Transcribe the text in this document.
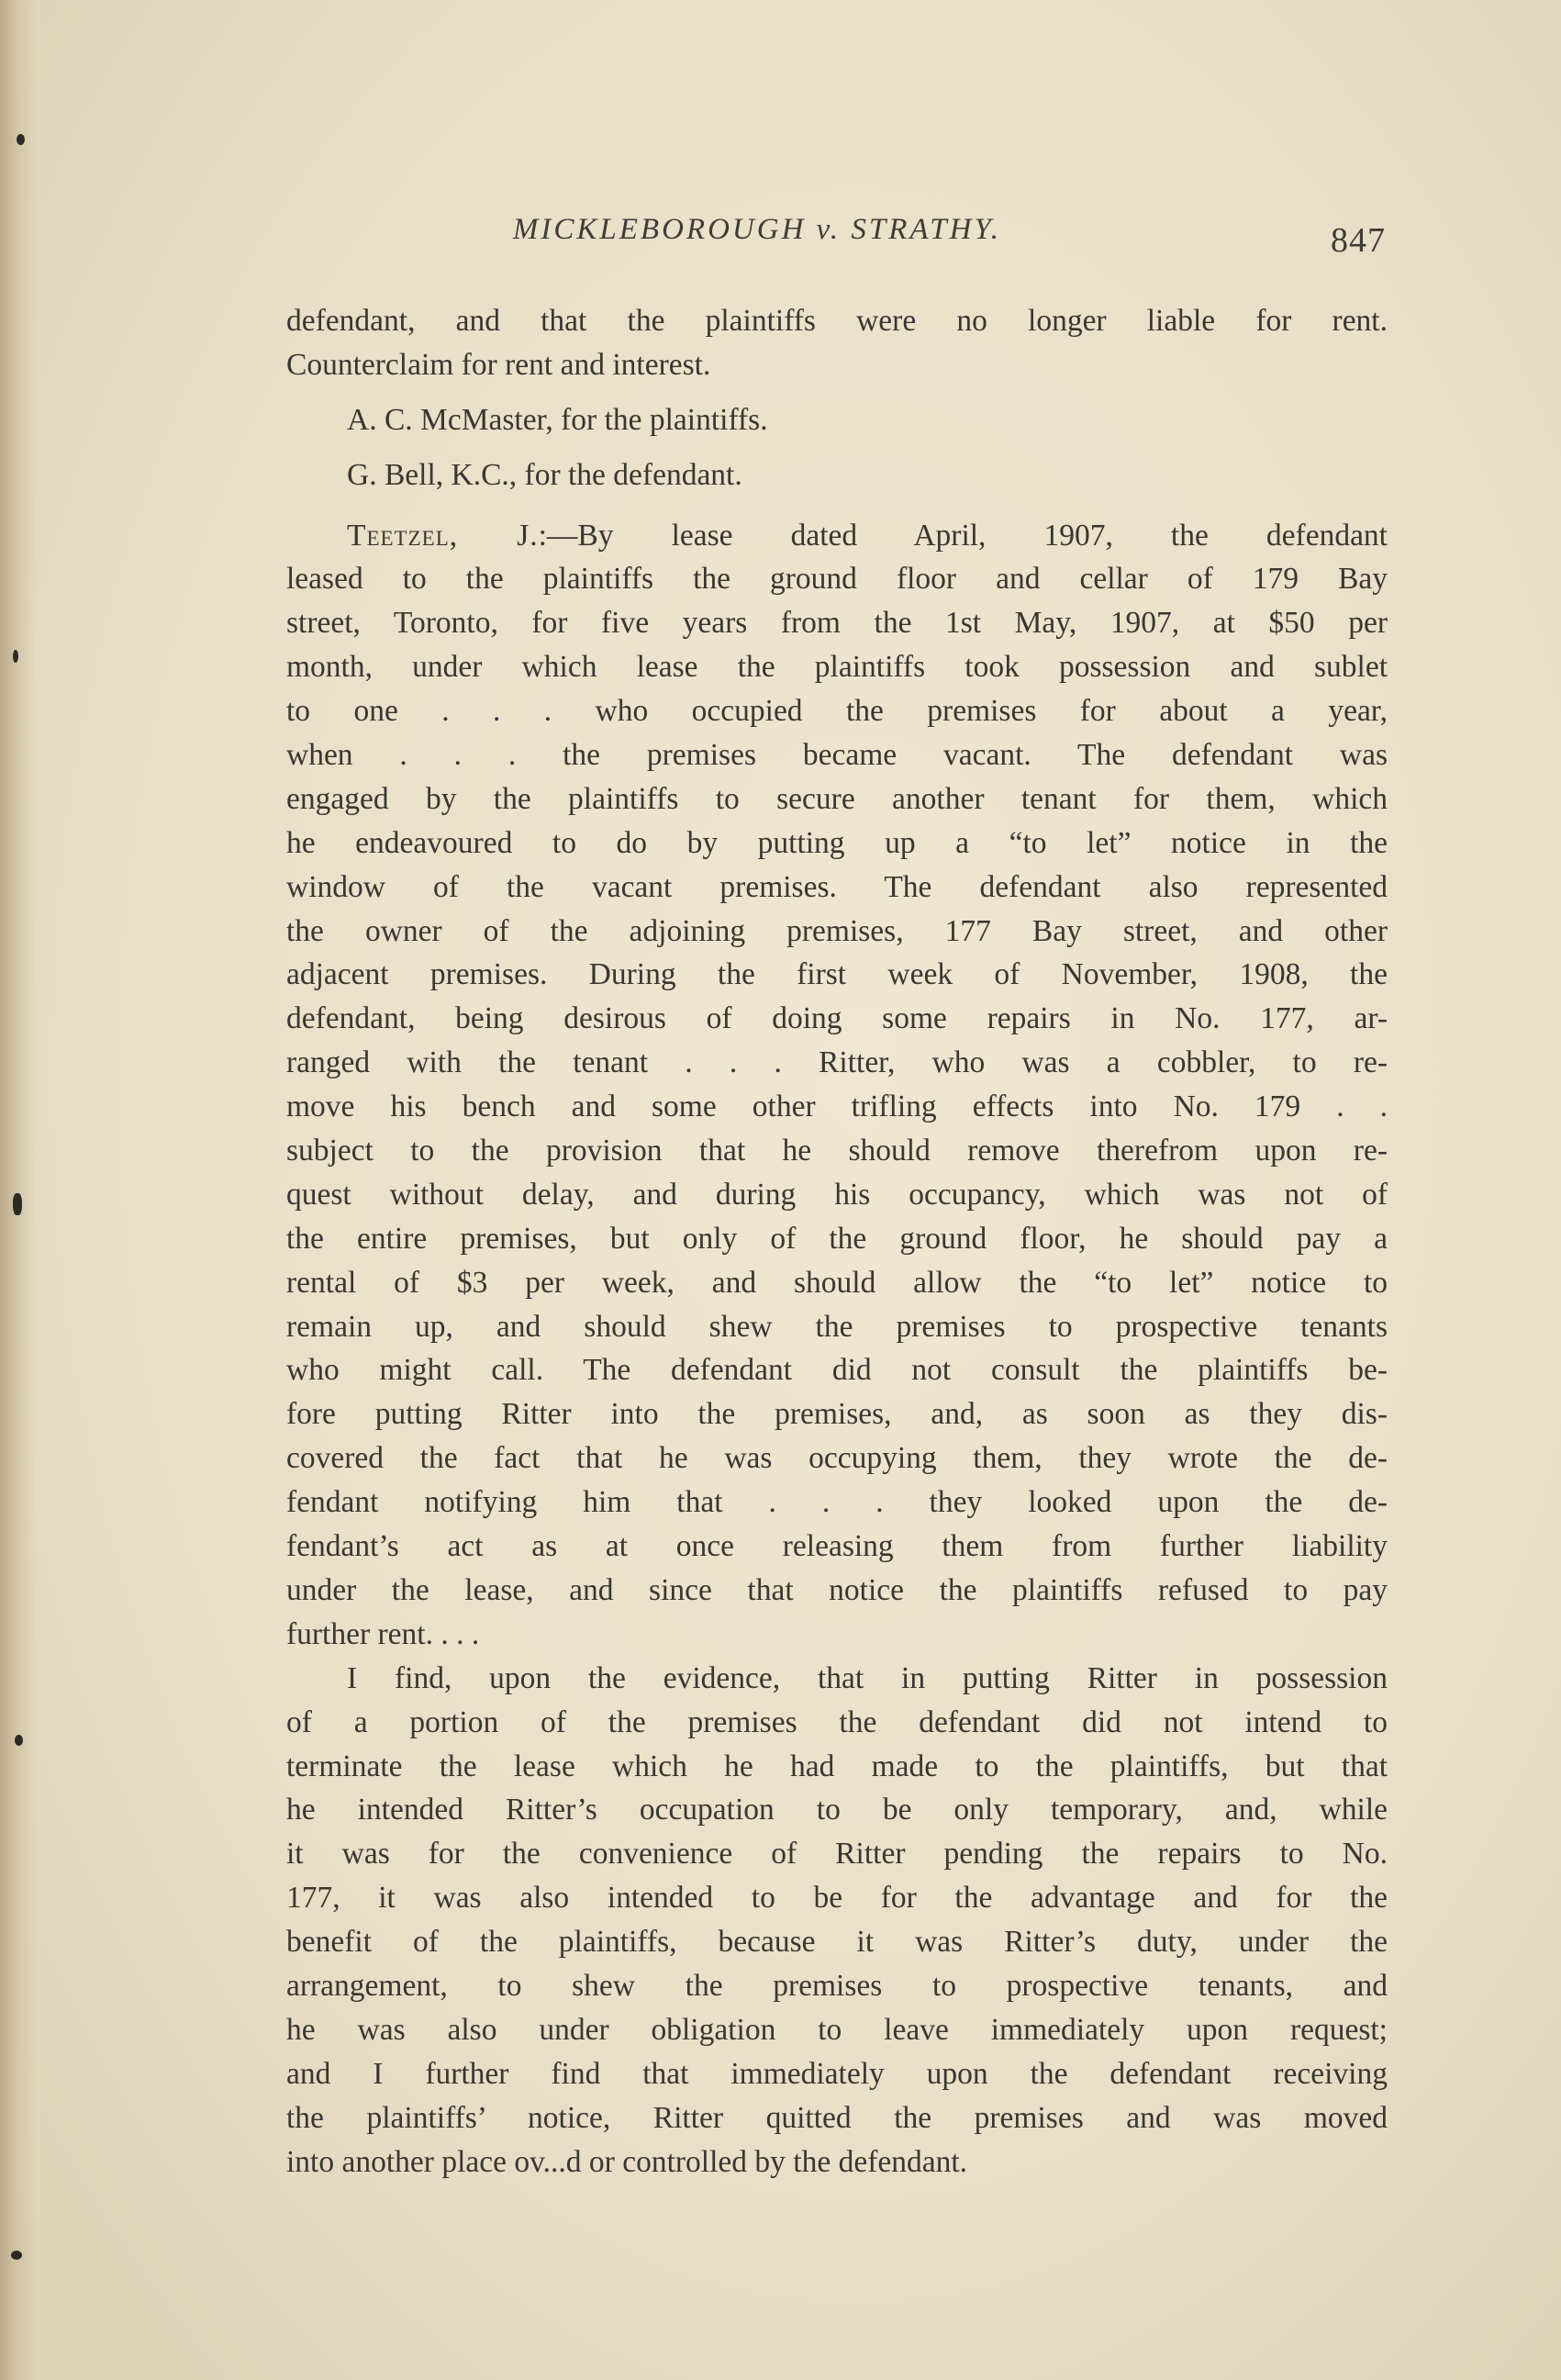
MICKLEBOROUGH v. STRATHY.	847
defendant, and that the plaintiffs were no longer liable for rent.
Counterclaim for rent and interest.
A. C. McMaster, for the plaintiffs.
G. Bell, K.C., for the defendant.
Teetzel, J.:—By lease dated April, 1907, the defendant
leased to the plaintiffs the ground floor and cellar of 179 Bay
street, Toronto, for five years from the 1st May, 1907, at $50 per
month, under which lease the plaintiffs took possession and sublet
to one . . . who occupied the premises for about a year,
when . . . the premises became vacant. The defendant was
engaged by the plaintiffs to secure another tenant for them, which
he endeavoured to do by putting up a “to let” notice in the
window of the vacant premises. The defendant also represented
the owner of the adjoining premises, 177 Bay street, and other
adjacent premises. During the first week of November, 1908, the
defendant, being desirous of doing some repairs in No. 177, ar-
ranged with the tenant . . . Ritter, who was a cobbler, to re-
move his bench and some other trifling effects into No. 179 . .
subject to the provision that he should remove therefrom upon re-
quest without delay, and during his occupancy, which was not of
the entire premises, but only of the ground floor, he should pay a
rental of $3 per week, and should allow the “to let” notice to
remain up, and should shew the premises to prospective tenants
who might call. The defendant did not consult the plaintiffs be-
fore putting Ritter into the premises, and, as soon as they dis-
covered the fact that he was occupying them, they wrote the de-
fendant notifying him that . . . they looked upon the de-
fendant’s act as at once releasing them from further liability
under the lease, and since that notice the plaintiffs refused to pay
further rent. . . .
I find, upon the evidence, that in putting Ritter in possession
of a portion of the premises the defendant did not intend to
terminate the lease which he had made to the plaintiffs, but that
he intended Ritter’s occupation to be only temporary, and, while
it was for the convenience of Ritter pending the repairs to No.
177, it was also intended to be for the advantage and for the
benefit of the plaintiffs, because it was Ritter’s duty, under the
arrangement, to shew the premises to prospective tenants, and
he was also under obligation to leave immediately upon request;
and I further find that immediately upon the defendant receiving
the plaintiffs’ notice, Ritter quitted the premises and was moved
into another place ov...d or controlled by the defendant.
